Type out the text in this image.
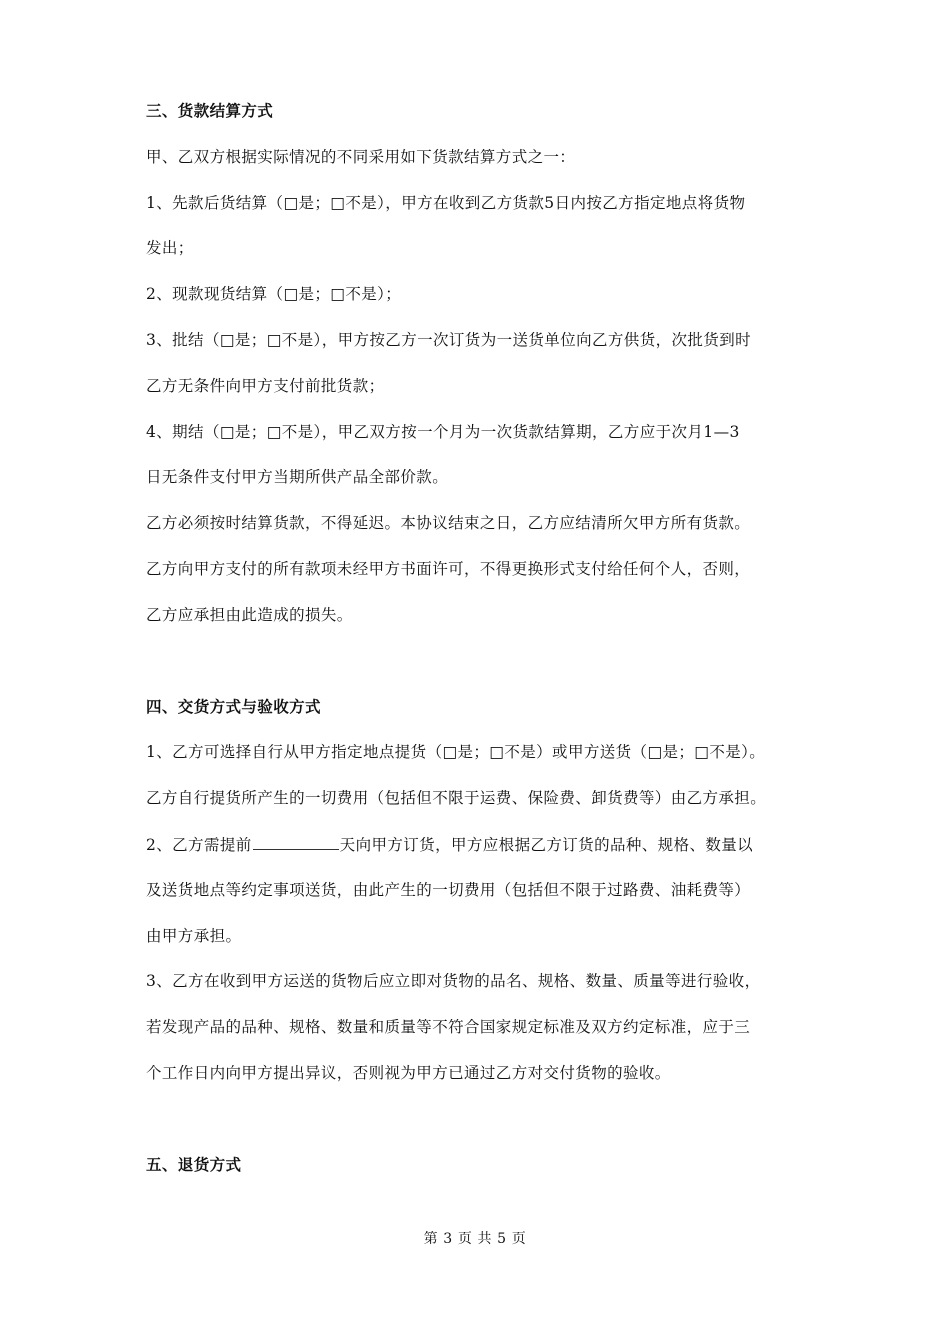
三、货款结算方式
甲、乙双方根据实际情况的不同采用如下货款结算方式之一：
1、先款后货结算（□是；□不是），甲方在收到乙方货款5日内按乙方指定地点将货物
发出；
2、现款现货结算（□是；□不是）；
3、批结（□是；□不是），甲方按乙方一次订货为一送货单位向乙方供货，次批货到时
乙方无条件向甲方支付前批货款；
4、期结（□是；□不是），甲乙双方按一个月为一次货款结算期，乙方应于次月1—3
日无条件支付甲方当期所供产品全部价款。
乙方必须按时结算货款，不得延迟。本协议结束之日，乙方应结清所欠甲方所有货款。
乙方向甲方支付的所有款项未经甲方书面许可，不得更换形式支付给任何个人，否则，
乙方应承担由此造成的损失。
四、交货方式与验收方式
1、乙方可选择自行从甲方指定地点提货（□是；□不是）或甲方送货（□是；□不是）。
乙方自行提货所产生的一切费用（包括但不限于运费、保险费、卸货费等）由乙方承担。
2、乙方需提前	天向甲方订货，甲方应根据乙方订货的品种、规格、数量以
及送货地点等约定事项送货，由此产生的一切费用（包括但不限于过路费、油耗费等）
由甲方承担。
3、乙方在收到甲方运送的货物后应立即对货物的品名、规格、数量、质量等进行验收，
若发现产品的品种、规格、数量和质量等不符合国家规定标准及双方约定标准，应于三
个工作日内向甲方提出异议，否则视为甲方已通过乙方对交付货物的验收。
五、退货方式
第 3 页 共 5 页
